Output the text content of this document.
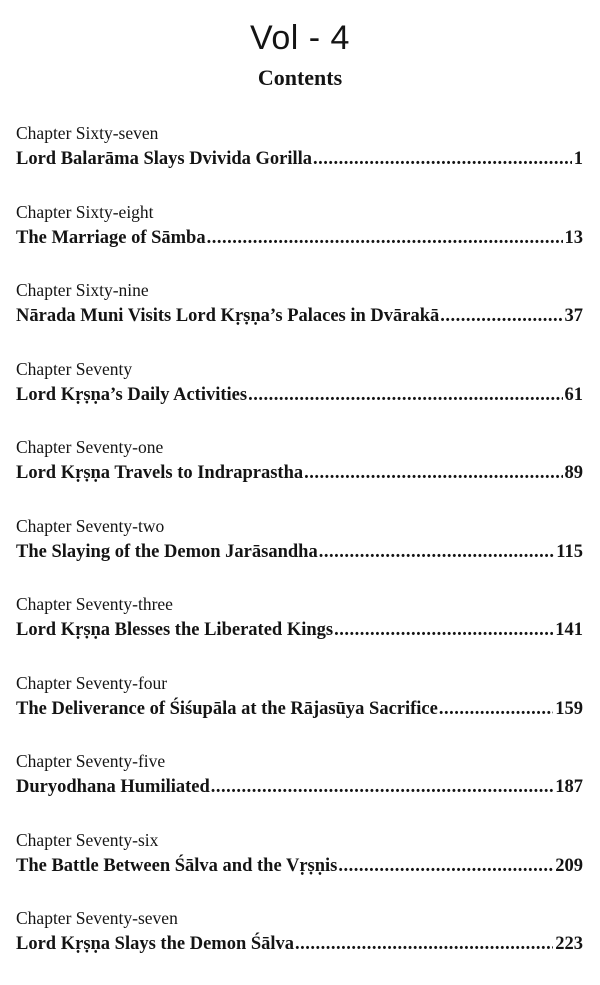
Vol - 4
Contents
Chapter Sixty-seven
Lord Balarāma Slays Dvivida Gorilla .....	1
Chapter Sixty-eight
The Marriage of Sāmba .....	13
Chapter Sixty-nine
Nārada Muni Visits Lord Kṛṣṇa’s Palaces in Dvārakā .....	37
Chapter Seventy
Lord Kṛṣṇa’s Daily Activities .....	61
Chapter Seventy-one
Lord Kṛṣṇa Travels to Indraprastha .....	89
Chapter Seventy-two
The Slaying of the Demon Jarāsandha .....	115
Chapter Seventy-three
Lord Kṛṣṇa Blesses the Liberated Kings .....	141
Chapter Seventy-four
The Deliverance of Śiśupāla at the Rājasūya Sacrifice .....	159
Chapter Seventy-five
Duryodhana Humiliated .....	187
Chapter Seventy-six
The Battle Between Śālva and the Vṛṣṇis .....	209
Chapter Seventy-seven
Lord Kṛṣṇa Slays the Demon Śālva .....	223
